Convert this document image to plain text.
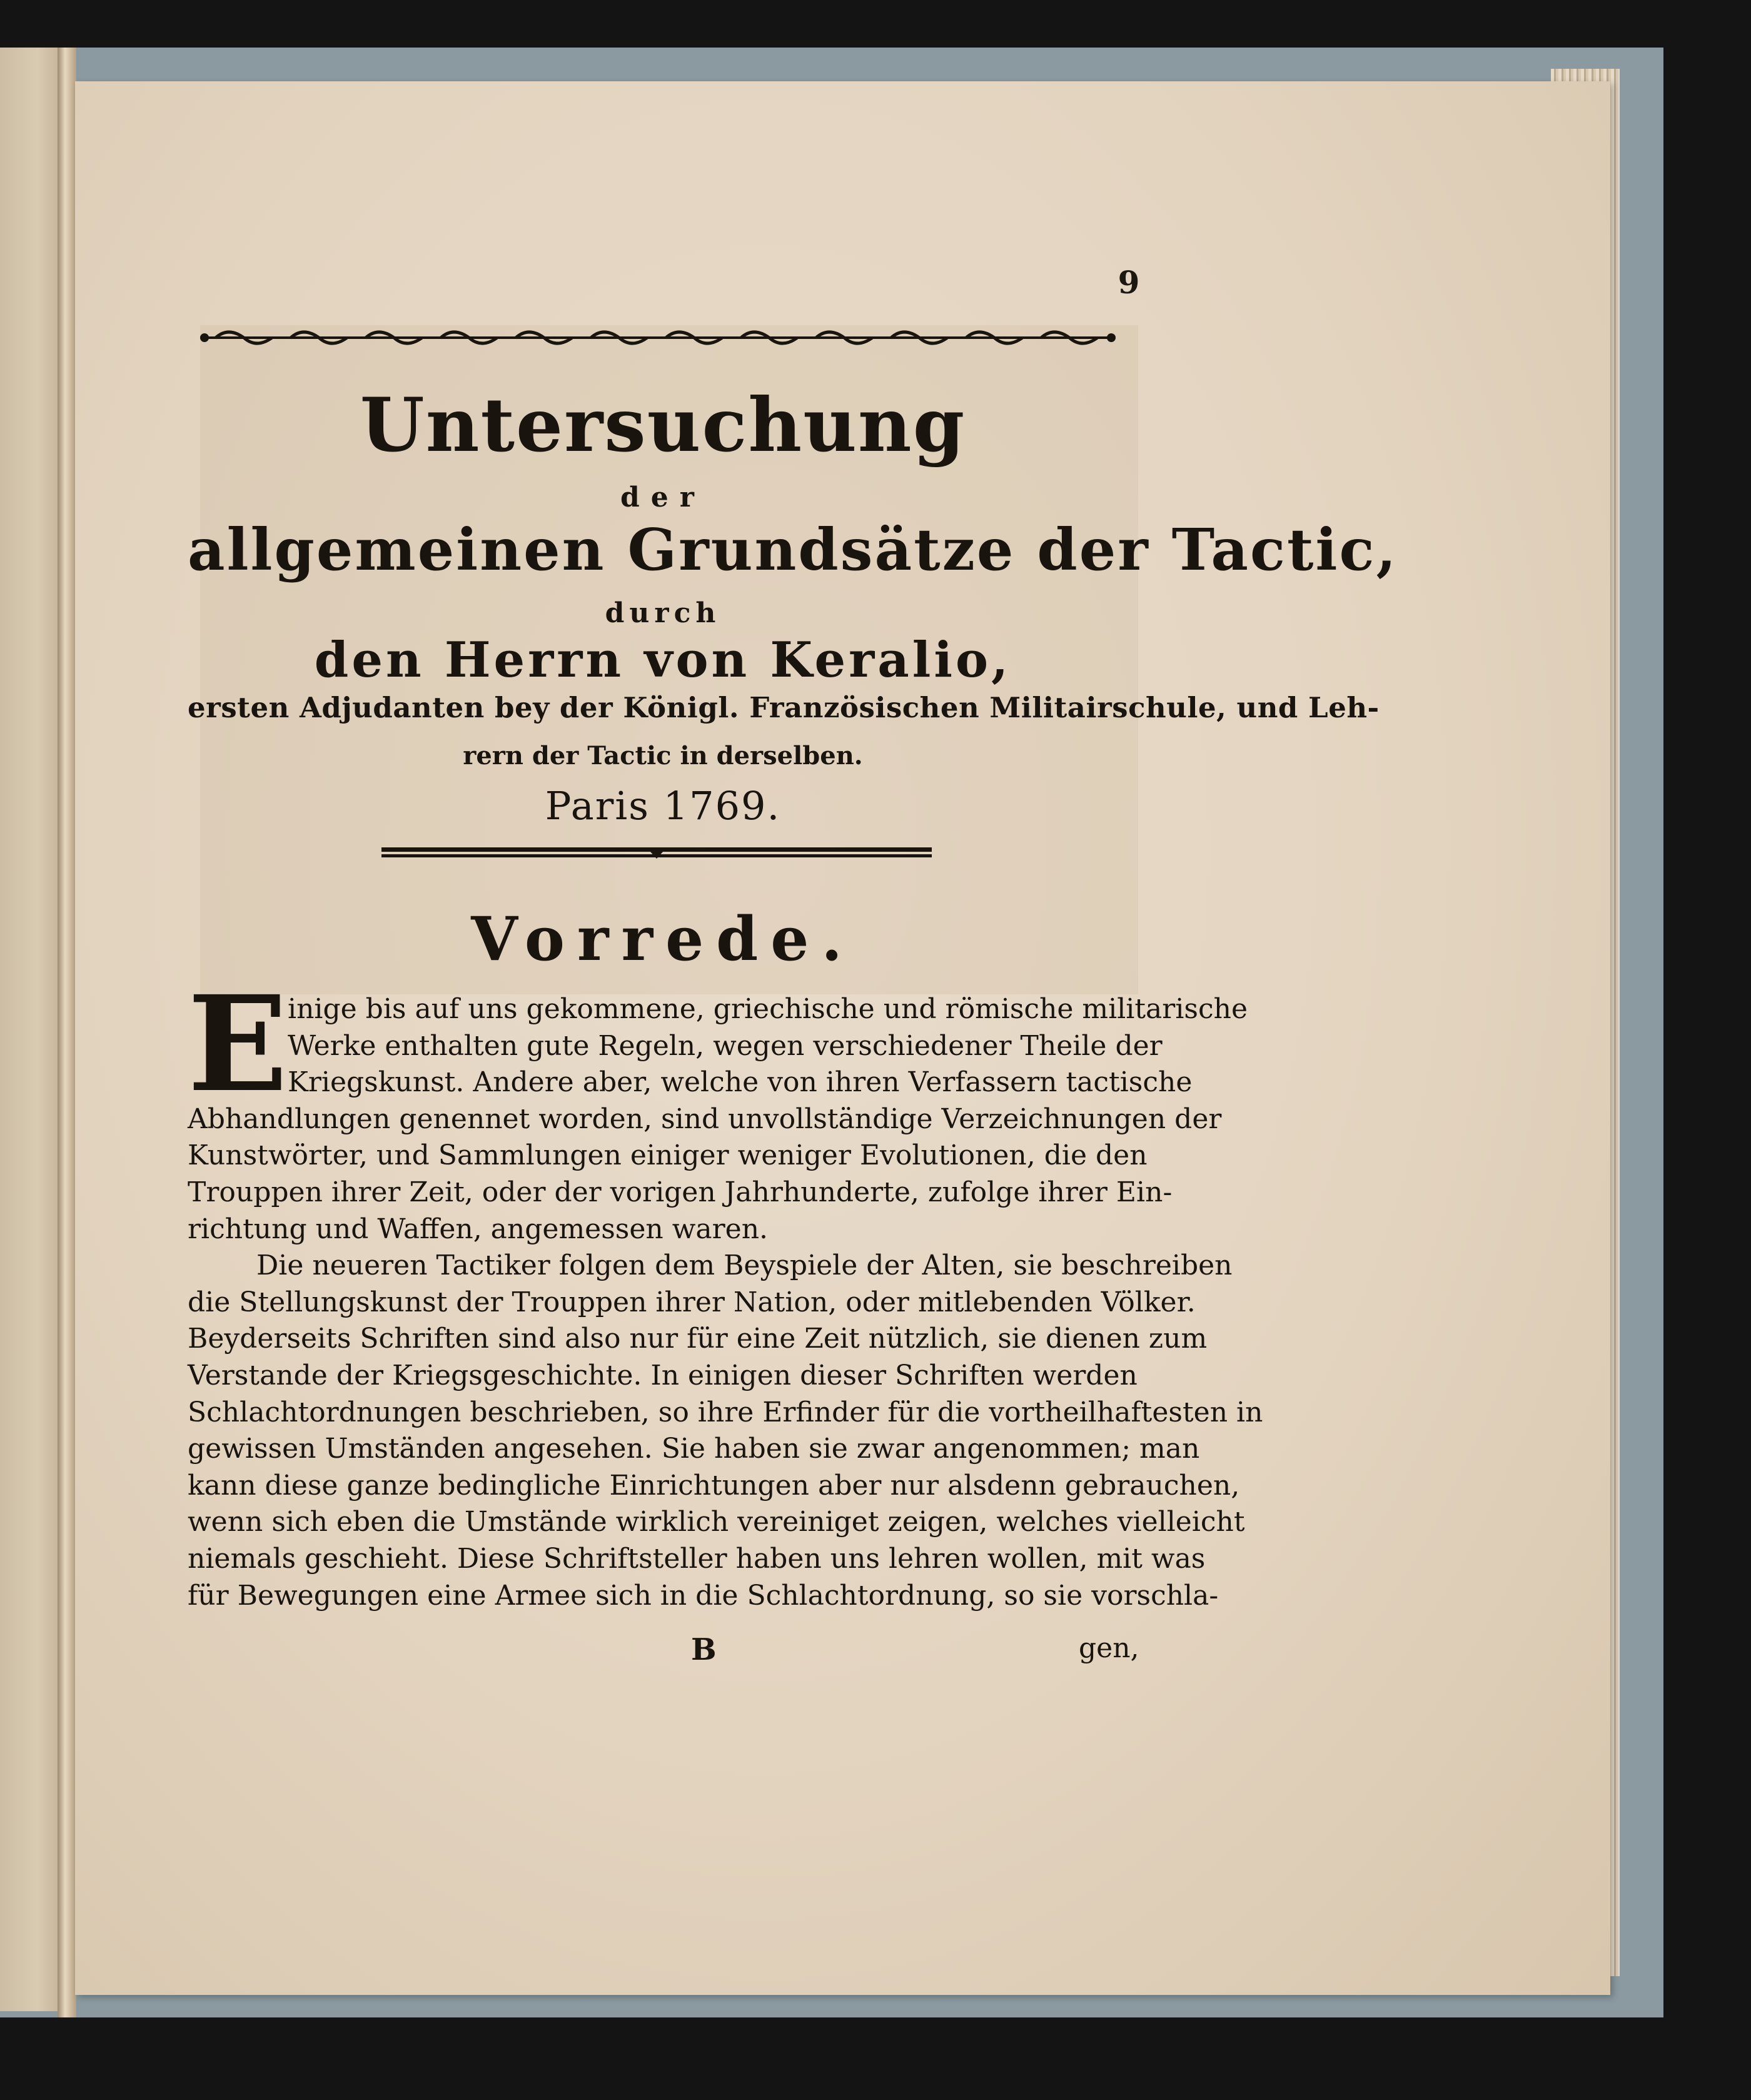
9
Untersuchung
der
allgemeinen Grundsätze der Tactic,
durch
den Herrn von Keralio,
ersten Adjudanten bey der Königl. Französischen Militairschule, und Leh-
rern der Tactic in derselben.
Paris 1769.
Vorrede.
E inige bis auf uns gekommene, griechische und römische militarische
Werke enthalten gute Regeln, wegen verschiedener Theile der
Kriegskunst. Andere aber, welche von ihren Verfassern tactische
Abhandlungen genennet worden, sind unvollständige Verzeichnungen der
Kunstwörter, und Sammlungen einiger weniger Evolutionen, die den
Trouppen ihrer Zeit, oder der vorigen Jahrhunderte, zufolge ihrer Ein-
richtung und Waffen, angemessen waren.
Die neueren Tactiker folgen dem Beyspiele der Alten, sie beschreiben
die Stellungskunst der Trouppen ihrer Nation, oder mitlebenden Völker.
Beyderseits Schriften sind also nur für eine Zeit nützlich, sie dienen zum
Verstande der Kriegsgeschichte. In einigen dieser Schriften werden
Schlachtordnungen beschrieben, so ihre Erfinder für die vortheilhaftesten in
gewissen Umständen angesehen. Sie haben sie zwar angenommen; man
kann diese ganze bedingliche Einrichtungen aber nur alsdenn gebrauchen,
wenn sich eben die Umstände wirklich vereiniget zeigen, welches vielleicht
niemals geschieht. Diese Schriftsteller haben uns lehren wollen, mit was
für Bewegungen eine Armee sich in die Schlachtordnung, so sie vorschla-
B	gen,
